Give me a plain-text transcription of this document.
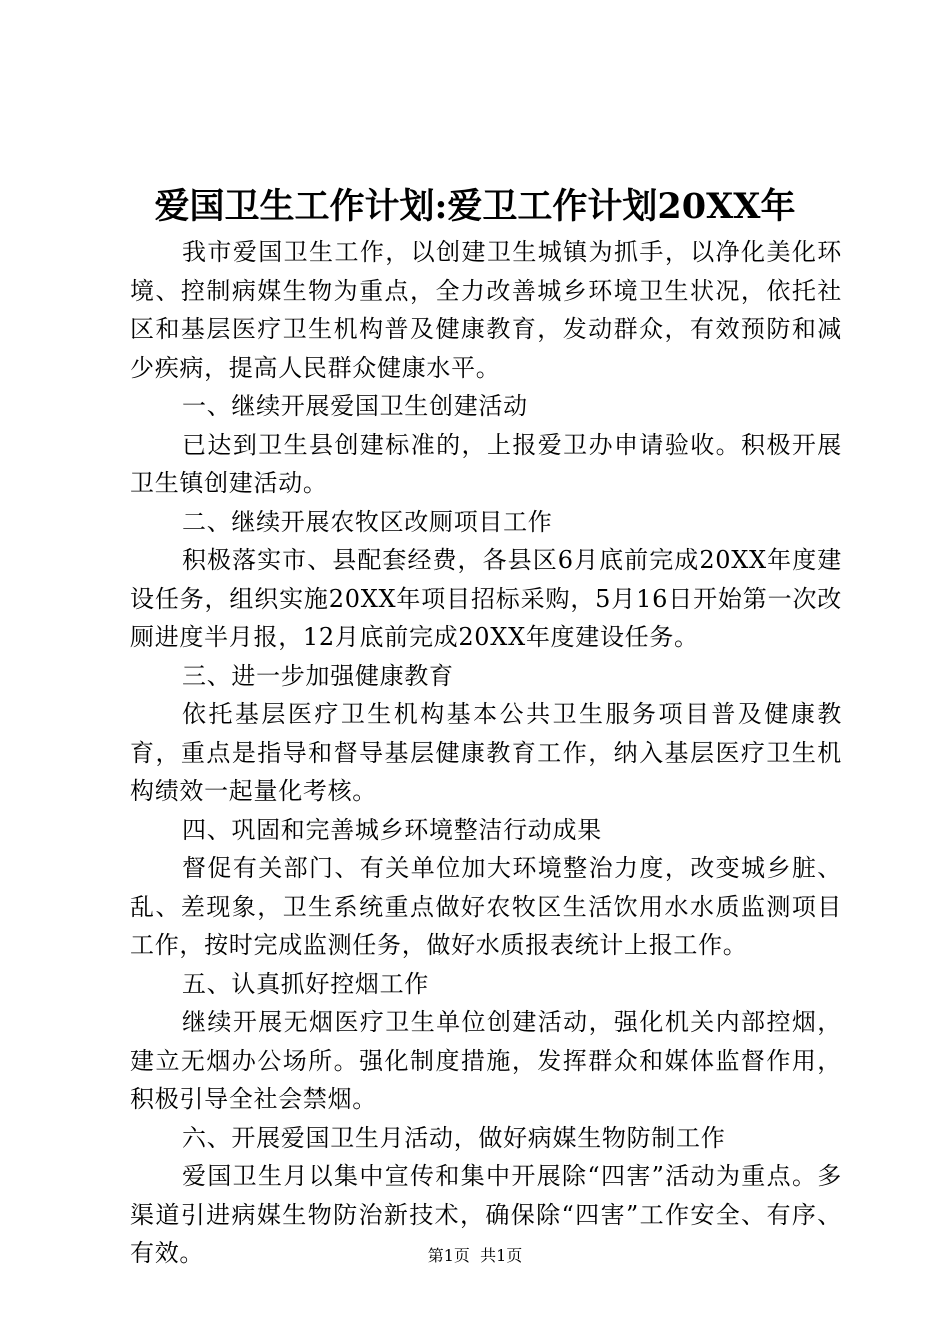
爱国卫生工作计划:爱卫工作计划20XX年

我市爱国卫生工作，以创建卫生城镇为抓手，以净化美化环境、控制病媒生物为重点，全力改善城乡环境卫生状况，依托社区和基层医疗卫生机构普及健康教育，发动群众，有效预防和减少疾病，提高人民群众健康水平。

一、继续开展爱国卫生创建活动

已达到卫生县创建标准的，上报爱卫办申请验收。积极开展卫生镇创建活动。

二、继续开展农牧区改厕项目工作

积极落实市、县配套经费，各县区6月底前完成20XX年度建设任务，组织实施20XX年项目招标采购，5月16日开始第一次改厕进度半月报，12月底前完成20XX年度建设任务。

三、进一步加强健康教育

依托基层医疗卫生机构基本公共卫生服务项目普及健康教育，重点是指导和督导基层健康教育工作，纳入基层医疗卫生机构绩效一起量化考核。

四、巩固和完善城乡环境整洁行动成果

督促有关部门、有关单位加大环境整治力度，改变城乡脏、乱、差现象，卫生系统重点做好农牧区生活饮用水水质监测项目工作，按时完成监测任务，做好水质报表统计上报工作。

五、认真抓好控烟工作

继续开展无烟医疗卫生单位创建活动，强化机关内部控烟，建立无烟办公场所。强化制度措施，发挥群众和媒体监督作用，积极引导全社会禁烟。

六、开展爱国卫生月活动，做好病媒生物防制工作

爱国卫生月以集中宣传和集中开展除“四害”活动为重点。多渠道引进病媒生物防治新技术，确保除“四害”工作安全、有序、有效。	第1页  共1页
